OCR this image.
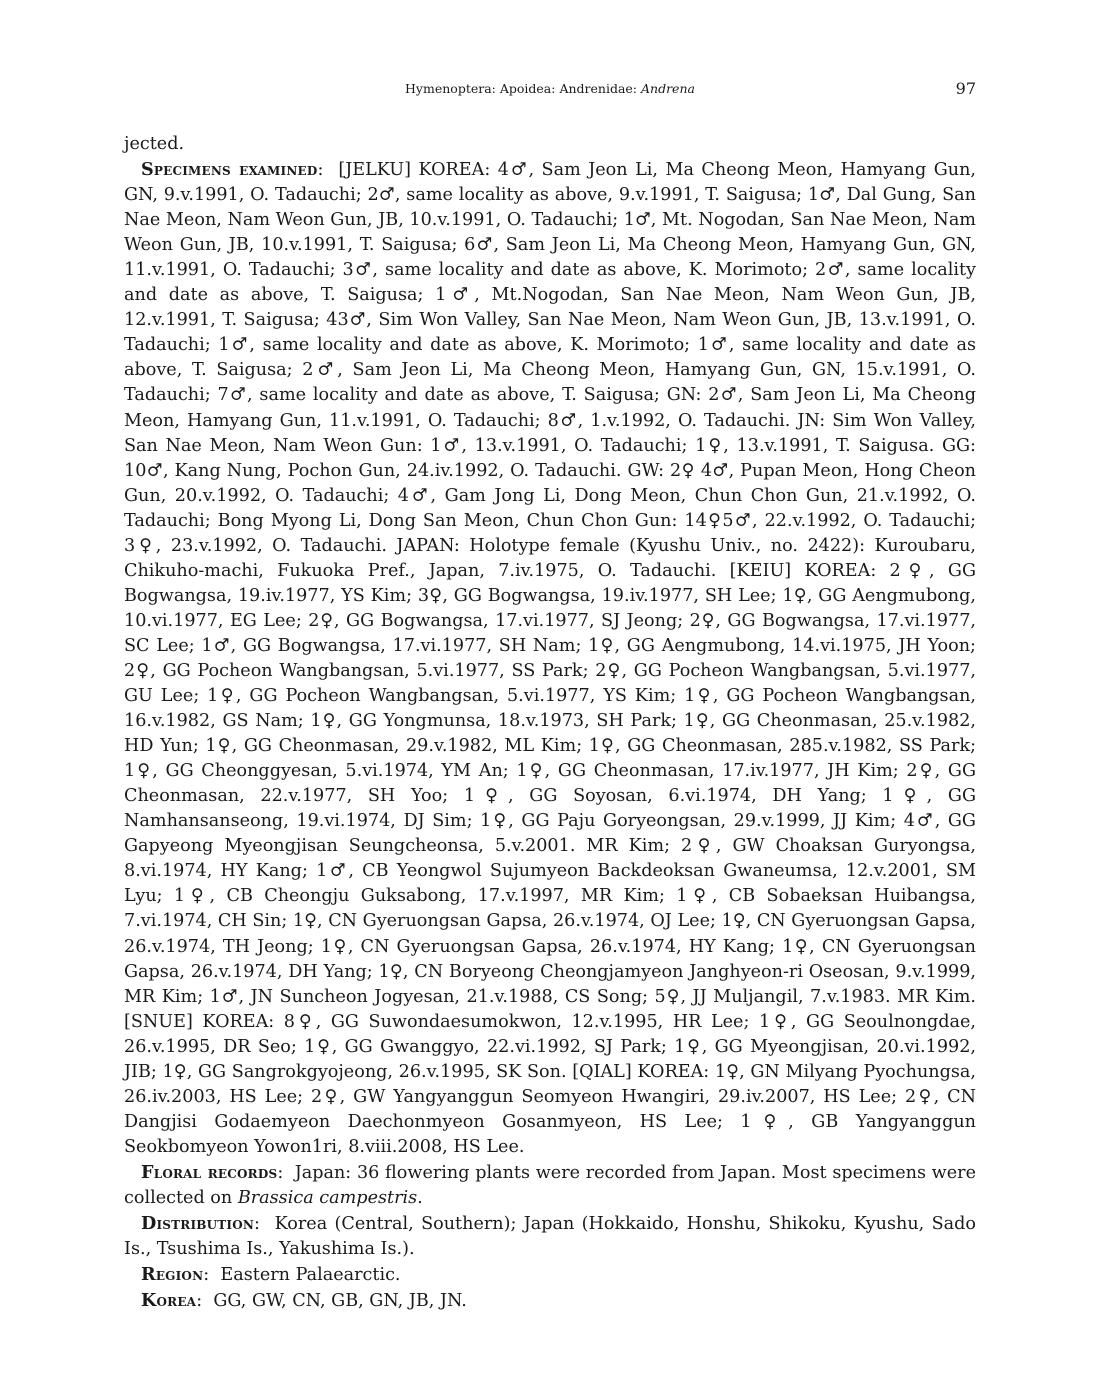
Hymenoptera: Apoidea: Andrenidae: Andrena	97

jected.

Specimens examined:  [JELKU] KOREA: 4♂, Sam Jeon Li, Ma Cheong Meon, Hamyang Gun, GN, 9.v.1991, O. Tadauchi; 2♂, same locality as above, 9.v.1991, T. Saigusa; 1♂, Dal Gung, San Nae Meon, Nam Weon Gun, JB, 10.v.1991, O. Tadauchi; 1♂, Mt. Nogodan, San Nae Meon, Nam Weon Gun, JB, 10.v.1991, T. Saigusa; 6♂, Sam Jeon Li, Ma Cheong Meon, Hamyang Gun, GN, 11.v.1991, O. Tadauchi; 3♂, same locality and date as above, K. Morimoto; 2♂, same locality and date as above, T. Saigusa; 1♂, Mt.Nogodan, San Nae Meon, Nam Weon Gun, JB, 12.v.1991, T. Saigusa; 43♂, Sim Won Valley, San Nae Meon, Nam Weon Gun, JB, 13.v.1991, O. Tadauchi; 1♂, same locality and date as above, K. Morimoto; 1♂, same locality and date as above, T. Saigusa; 2♂, Sam Jeon Li, Ma Cheong Meon, Hamyang Gun, GN, 15.v.1991, O. Tadauchi; 7♂, same locality and date as above, T. Saigusa; GN: 2♂, Sam Jeon Li, Ma Cheong Meon, Hamyang Gun, 11.v.1991, O. Tadauchi; 8♂, 1.v.1992, O. Tadauchi. JN: Sim Won Valley, San Nae Meon, Nam Weon Gun: 1♂, 13.v.1991, O. Tadauchi; 1♀, 13.v.1991, T. Saigusa. GG: 10♂, Kang Nung, Pochon Gun, 24.iv.1992, O. Tadauchi. GW: 2♀ 4♂, Pupan Meon, Hong Cheon Gun, 20.v.1992, O. Tadauchi; 4♂, Gam Jong Li, Dong Meon, Chun Chon Gun, 21.v.1992, O. Tadauchi; Bong Myong Li, Dong San Meon, Chun Chon Gun: 14♀5♂, 22.v.1992, O. Tadauchi; 3♀, 23.v.1992, O. Tadauchi. JAPAN: Holotype female (Kyushu Univ., no. 2422): Kuroubaru, Chikuho-machi, Fukuoka Pref., Japan, 7.iv.1975, O. Tadauchi. [KEIU] KOREA: 2♀, GG Bogwangsa, 19.iv.1977, YS Kim; 3♀, GG Bogwangsa, 19.iv.1977, SH Lee; 1♀, GG Aengmubong, 10.vi.1977, EG Lee; 2♀, GG Bogwangsa, 17.vi.1977, SJ Jeong; 2♀, GG Bogwangsa, 17.vi.1977, SC Lee; 1♂, GG Bogwangsa, 17.vi.1977, SH Nam; 1♀, GG Aengmubong, 14.vi.1975, JH Yoon; 2♀, GG Pocheon Wangbangsan, 5.vi.1977, SS Park; 2♀, GG Pocheon Wangbangsan, 5.vi.1977, GU Lee; 1♀, GG Pocheon Wangbangsan, 5.vi.1977, YS Kim; 1♀, GG Pocheon Wangbangsan, 16.v.1982, GS Nam; 1♀, GG Yongmunsa, 18.v.1973, SH Park; 1♀, GG Cheonmasan, 25.v.1982, HD Yun; 1♀, GG Cheonmasan, 29.v.1982, ML Kim; 1♀, GG Cheonmasan, 285.v.1982, SS Park; 1♀, GG Cheonggyesan, 5.vi.1974, YM An; 1♀, GG Cheonmasan, 17.iv.1977, JH Kim; 2♀, GG Cheonmasan, 22.v.1977, SH Yoo; 1♀, GG Soyosan, 6.vi.1974, DH Yang; 1♀, GG Namhansanseong, 19.vi.1974, DJ Sim; 1♀, GG Paju Goryeongsan, 29.v.1999, JJ Kim; 4♂, GG Gapyeong Myeongjisan Seungcheonsa, 5.v.2001. MR Kim; 2♀, GW Choaksan Guryongsa, 8.vi.1974, HY Kang; 1♂, CB Yeongwol Sujumyeon Backdeoksan Gwaneumsa, 12.v.2001, SM Lyu; 1♀, CB Cheongju Guksabong, 17.v.1997, MR Kim; 1♀, CB Sobaeksan Huibangsa, 7.vi.1974, CH Sin; 1♀, CN Gyeruongsan Gapsa, 26.v.1974, OJ Lee; 1♀, CN Gyeruongsan Gapsa, 26.v.1974, TH Jeong; 1♀, CN Gyeruongsan Gapsa, 26.v.1974, HY Kang; 1♀, CN Gyeruongsan Gapsa, 26.v.1974, DH Yang; 1♀, CN Boryeong Cheongjamyeon Janghyeon-ri Oseosan, 9.v.1999, MR Kim; 1♂, JN Suncheon Jogyesan, 21.v.1988, CS Song; 5♀, JJ Muljangil, 7.v.1983. MR Kim. [SNUE] KOREA: 8♀, GG Suwondaesumokwon, 12.v.1995, HR Lee; 1♀, GG Seoulnongdae, 26.v.1995, DR Seo; 1♀, GG Gwanggyo, 22.vi.1992, SJ Park; 1♀, GG Myeongjisan, 20.vi.1992, JIB; 1♀, GG Sangrokgyojeong, 26.v.1995, SK Son. [QIAL] KOREA: 1♀, GN Milyang Pyochungsa, 26.iv.2003, HS Lee; 2♀, GW Yangyanggun Seomyeon Hwangiri, 29.iv.2007, HS Lee; 2♀, CN Dangjisi Godaemyeon Daechonmyeon Gosanmyeon, HS Lee; 1♀, GB Yangyanggun Seokbomyeon Yowon1ri, 8.viii.2008, HS Lee.

Floral records:  Japan: 36 flowering plants were recorded from Japan. Most specimens were collected on Brassica campestris.

Distribution:  Korea (Central, Southern); Japan (Hokkaido, Honshu, Shikoku, Kyushu, Sado Is., Tsushima Is., Yakushima Is.).

Region:  Eastern Palaearctic.

Korea:  GG, GW, CN, GB, GN, JB, JN.
